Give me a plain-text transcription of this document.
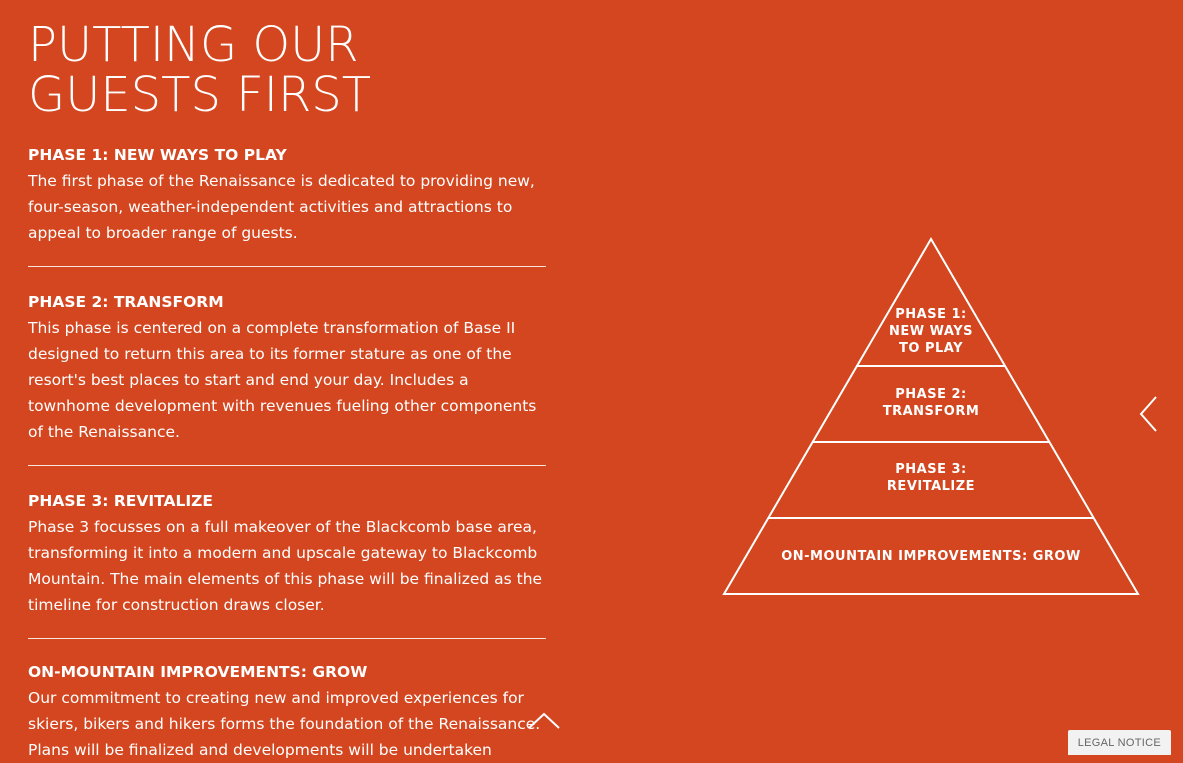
PUTTING OUR
GUESTS FIRST
PHASE 1: NEW WAYS TO PLAY

The first phase of the Renaissance is dedicated to providing new, four-season, weather-independent activities and attractions to appeal to broader range of guests.

PHASE 2: TRANSFORM

This phase is centered on a complete transformation of Base II designed to return this area to its former stature as one of the resort's best places to start and end your day. Includes a townhome development with revenues fueling other components of the Renaissance.

PHASE 3: REVITALIZE

Phase 3 focusses on a full makeover of the Blackcomb base area, transforming it into a modern and upscale gateway to Blackcomb Mountain. The main elements of this phase will be finalized as the timeline for construction draws closer.

ON-MOUNTAIN IMPROVEMENTS: GROW

Our commitment to creating new and improved experiences for skiers, bikers and hikers forms the foundation of the Renaissance. Plans will be finalized and developments will be undertaken

PHASE 1:
NEW WAYS
TO PLAY
PHASE 2:
TRANSFORM
PHASE 3:
REVITALIZE
ON-MOUNTAIN IMPROVEMENTS: GROW
LEGAL NOTICE
